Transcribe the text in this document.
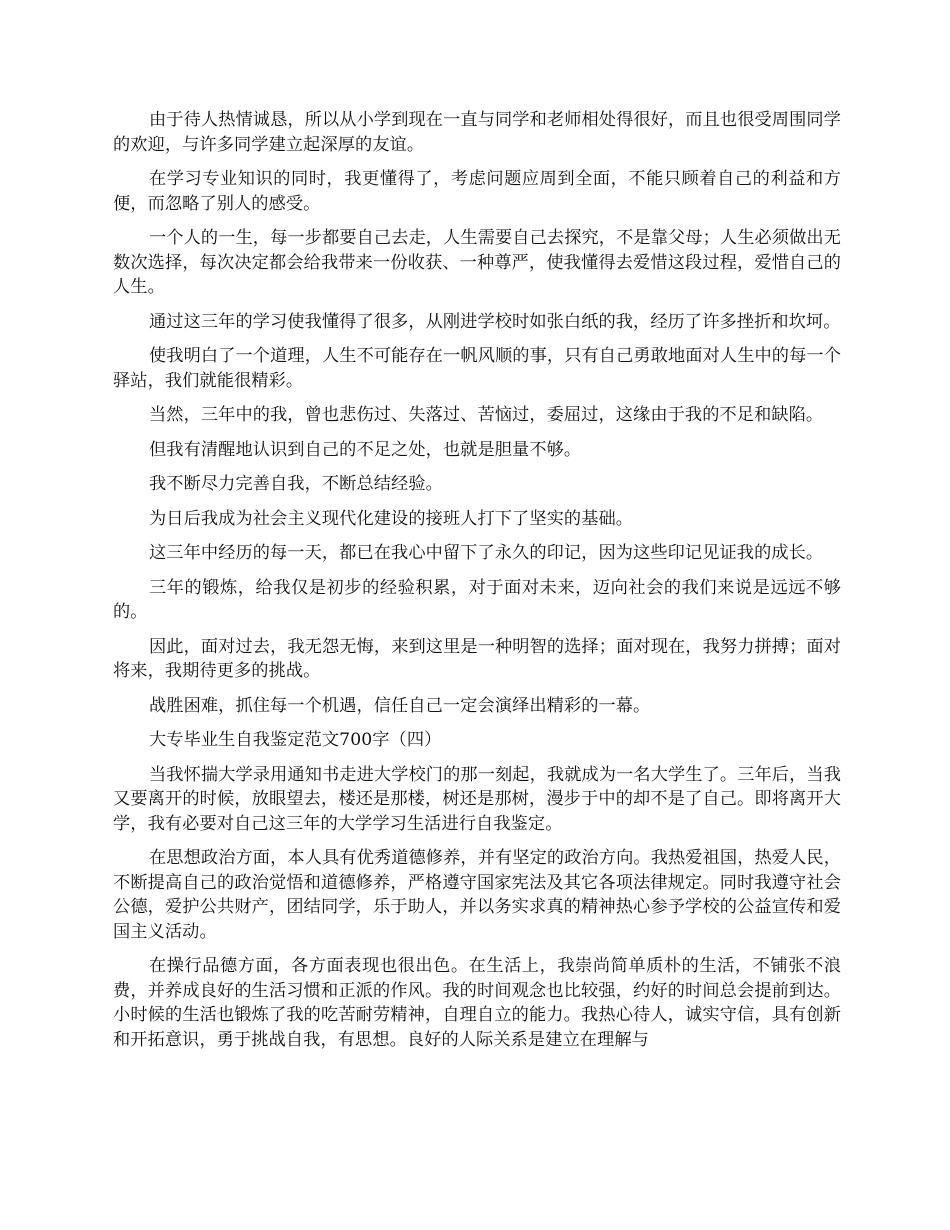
由于待人热情诚恳，所以从小学到现在一直与同学和老师相处得很好，而且也很受周围同学的欢迎，与许多同学建立起深厚的友谊。

在学习专业知识的同时，我更懂得了，考虑问题应周到全面，不能只顾着自己的利益和方便，而忽略了别人的感受。

一个人的一生，每一步都要自己去走，人生需要自己去探究，不是靠父母；人生必须做出无数次选择，每次决定都会给我带来一份收获、一种尊严，使我懂得去爱惜这段过程，爱惜自己的人生。

通过这三年的学习使我懂得了很多，从刚进学校时如张白纸的我，经历了许多挫折和坎坷。

使我明白了一个道理，人生不可能存在一帆风顺的事，只有自己勇敢地面对人生中的每一个驿站，我们就能很精彩。

当然，三年中的我，曾也悲伤过、失落过、苦恼过，委屈过，这缘由于我的不足和缺陷。

但我有清醒地认识到自己的不足之处，也就是胆量不够。

我不断尽力完善自我，不断总结经验。

为日后我成为社会主义现代化建设的接班人打下了坚实的基础。

这三年中经历的每一天，都已在我心中留下了永久的印记，因为这些印记见证我的成长。

三年的锻炼，给我仅是初步的经验积累，对于面对未来，迈向社会的我们来说是远远不够的。

因此，面对过去，我无怨无悔，来到这里是一种明智的选择；面对现在，我努力拼搏；面对将来，我期待更多的挑战。

战胜困难，抓住每一个机遇，信任自己一定会演绎出精彩的一幕。

大专毕业生自我鉴定范文700字（四）

当我怀揣大学录用通知书走进大学校门的那一刻起，我就成为一名大学生了。三年后，当我又要离开的时候，放眼望去，楼还是那楼，树还是那树，漫步于中的却不是了自己。即将离开大学，我有必要对自己这三年的大学学习生活进行自我鉴定。

在思想政治方面，本人具有优秀道德修养，并有坚定的政治方向。我热爱祖国，热爱人民，不断提高自己的政治觉悟和道德修养，严格遵守国家宪法及其它各项法律规定。同时我遵守社会公德，爱护公共财产，团结同学，乐于助人，并以务实求真的精神热心参予学校的公益宣传和爱国主义活动。

在操行品德方面，各方面表现也很出色。在生活上，我崇尚简单质朴的生活，不铺张不浪费，并养成良好的生活习惯和正派的作风。我的时间观念也比较强，约好的时间总会提前到达。小时候的生活也锻炼了我的吃苦耐劳精神，自理自立的能力。我热心待人，诚实守信，具有创新和开拓意识，勇于挑战自我，有思想。良好的人际关系是建立在理解与
